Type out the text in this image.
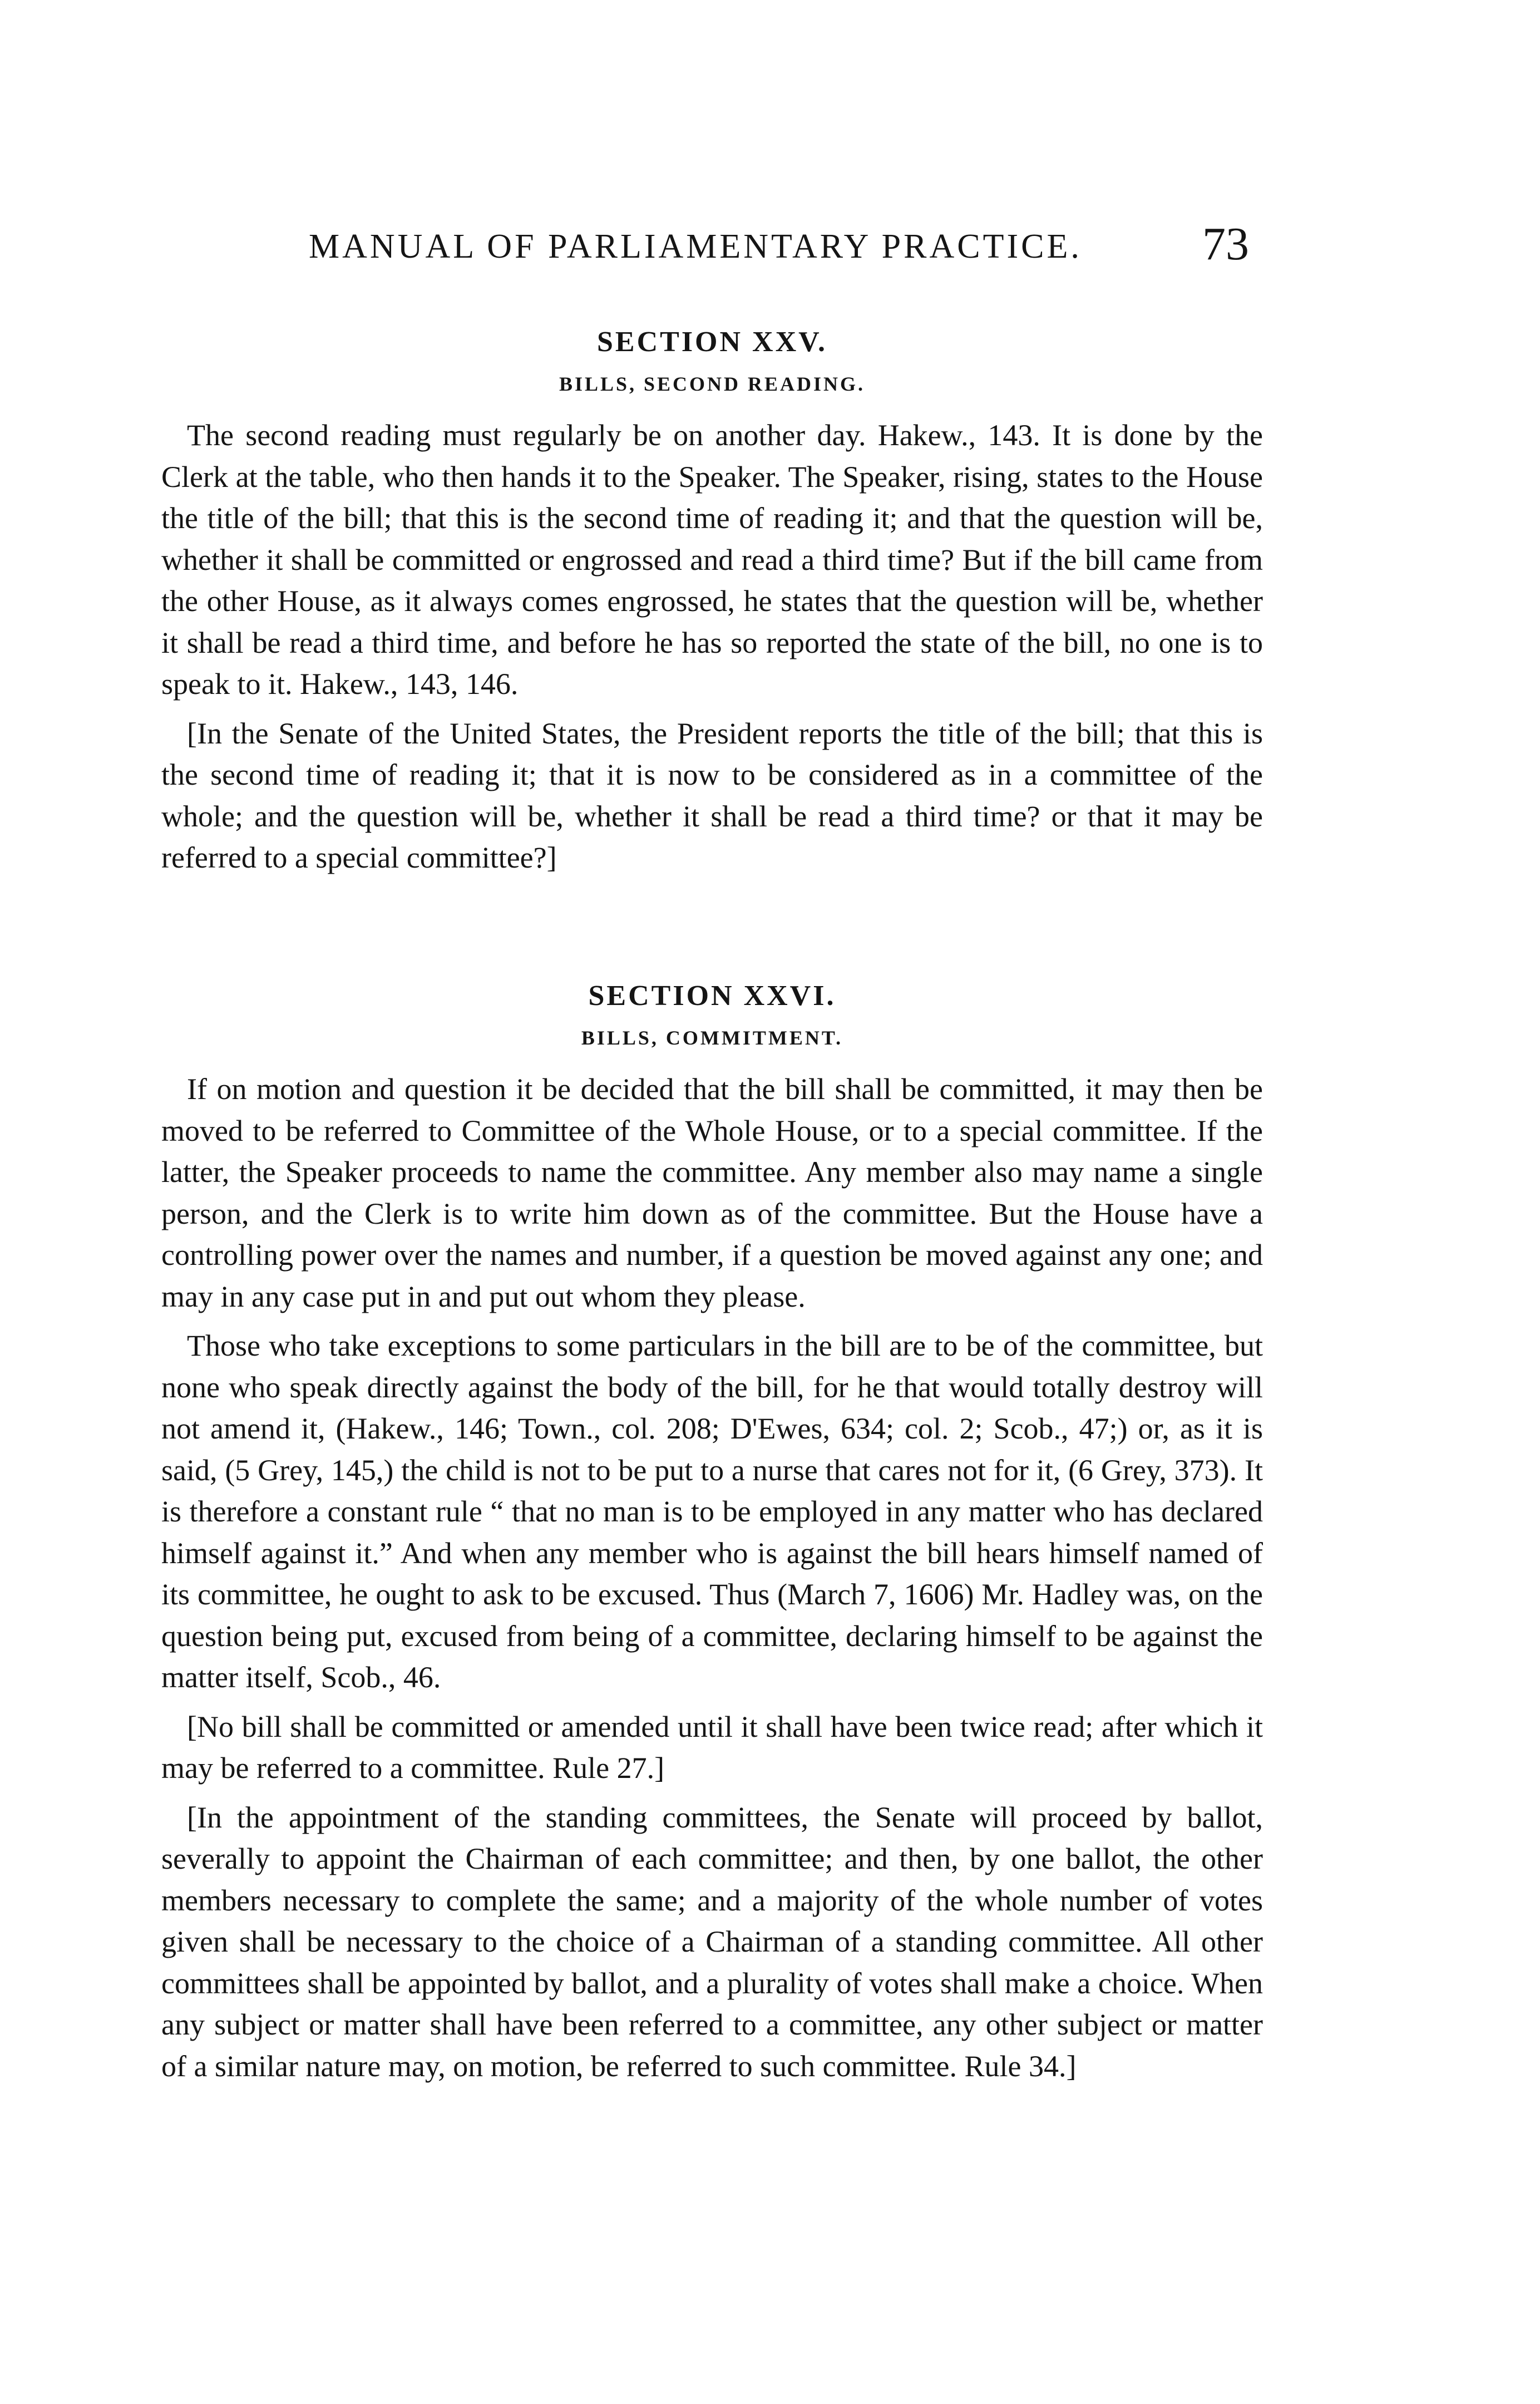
MANUAL OF PARLIAMENTARY PRACTICE.	73
SECTION XXV.
BILLS, SECOND READING.

The second reading must regularly be on another day. Hakew., 143. It is done by the Clerk at the table, who then hands it to the Speaker. The Speaker, rising, states to the House the title of the bill; that this is the second time of reading it; and that the question will be, whether it shall be committed or engrossed and read a third time? But if the bill came from the other House, as it always comes engrossed, he states that the question will be, whether it shall be read a third time, and before he has so reported the state of the bill, no one is to speak to it. Hakew., 143, 146.

[In the Senate of the United States, the President reports the title of the bill; that this is the second time of reading it; that it is now to be considered as in a committee of the whole; and the question will be, whether it shall be read a third time? or that it may be referred to a special committee?]

SECTION XXVI.
BILLS, COMMITMENT.

If on motion and question it be decided that the bill shall be committed, it may then be moved to be referred to Committee of the Whole House, or to a special committee. If the latter, the Speaker proceeds to name the committee. Any member also may name a single person, and the Clerk is to write him down as of the committee. But the House have a controlling power over the names and number, if a question be moved against any one; and may in any case put in and put out whom they please.

Those who take exceptions to some particulars in the bill are to be of the committee, but none who speak directly against the body of the bill, for he that would totally destroy will not amend it, (Hakew., 146; Town., col. 208; D'Ewes, 634; col. 2; Scob., 47;) or, as it is said, (5 Grey, 145,) the child is not to be put to a nurse that cares not for it, (6 Grey, 373). It is therefore a constant rule “ that no man is to be employed in any matter who has declared himself against it.” And when any member who is against the bill hears himself named of its committee, he ought to ask to be excused. Thus (March 7, 1606) Mr. Hadley was, on the question being put, excused from being of a committee, declaring himself to be against the matter itself, Scob., 46.

[No bill shall be committed or amended until it shall have been twice read; after which it may be referred to a committee. Rule 27.]

[In the appointment of the standing committees, the Senate will proceed by ballot, severally to appoint the Chairman of each committee; and then, by one ballot, the other members necessary to complete the same; and a majority of the whole number of votes given shall be necessary to the choice of a Chairman of a standing committee. All other committees shall be appointed by ballot, and a plurality of votes shall make a choice. When any subject or matter shall have been referred to a committee, any other subject or matter of a similar nature may, on motion, be referred to such committee. Rule 34.]
